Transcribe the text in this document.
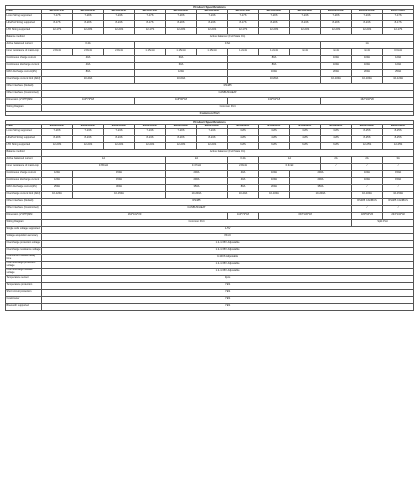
Product Specifications												
ITEM	BD4A17S4P	BD4A20S4P	BD4A24S4P	BD4A17S6P	BD4A20S6P	BD4A24S6P	BD4A17S8P	BD4A20S8P	BD4A24S8P	BD4A20S10P	BD4A24S10P	B1A17S12P
Li-ion String supported	7-17S	7-20S	7-24S	7-17S	7-20S	7-24S	7-17S	7-20S	7-24S	7-20S	7-24S	7-17S
LiFePo4 String supported	8-17S	8-20S	8-24S	8-17S	8-20S	8-24S	8-17S	8-20S	8-24S	8-20S	8-24S	8-17S
LTO String supported	12-17S	12-20S	12-24S	12-17S	12-20S	12-24S	12-17S	12-20S	12-24S	12-20S	12-24S	12-17S
Balance method	Active balancer (Full State On)											
Active balanced current	0.4A			0.6A						1A		
Inner resistance of mainLoop	2.8mΩ	2.8mΩ	2.8mΩ	1.15mΩ	1.15mΩ	1.15mΩ	1.2mΩ	1.2mΩ	1mΩ	1mΩ	1mΩ	0.6mΩ
Continuous charge current	40A			60A			80A			100A	100A	120A
Continuous discharge current	40A			60A			80A			100A	100A	120A
MAX discharge current(2S)	80A			120A			160A			200A	200A	250A
Overcharge current limit (ADJ)	10-40A			10-60A			10-80A			10-100A	10-100A	10-120A
Other interface (Default)	RS485											
Other interface (Customized)	CANBUS/HEAT											
Dimension (L*W*H)MM	110*73*18			116*90*18			132*91*18			162*102*20		
Wiring Diagram	Common Port											
Common Port												
Product Specifications												
ITEM	B1A20S15P	B1A24S15P	B1A24S10P	B1A24S15P	B2A20S20P	B2A24S20P	B2A8S20P	B1A8S10P	B1A8S20P	B2A8S20P	B2A25S20P	B3A25S20P
Li-ion String supported	7-20S	7-24S	7-24S	7-24S	7-20S	7-24S	3-8S	3-8S	3-8S	3-8S	8-25S	8-25S
LiFePo4 String supported	8-20S	8-24S	8-24S	8-24S	8-20S	8-24S	4-8S	4-8S	4-8S	4-8S	8-25S	8-25S
LTO String supported	12-20S	12-24S	12-24S	12-24S	12-20S	12-24S	6-8S	6-8S	6-8S	6-8S	12-25S	12-25S
Balance method	Active balancer (Full State On)											
Active balanced current	1A				2A		0.4A	1A		2A	2A	3A
Inner resistance of mainLoop	0.65mΩ				0.47mΩ		2.8mΩ	0.3mΩ		/	/	/
Continuous charge current	120A	150A			200A		40A	100A	200A		100A	150A
Continuous discharge current	120A	150A			200A		40A	100A	200A		100A	150A
MAX discharge current(2S)	250A	300A			350A		80A	200A	350A		/	/
Overcharge current limit (ADJ)	10-120A	10-150A			10-200A		10-40A	10-100A	10-200A		10-100A	10-150A
Other interface (Default)	RS485										RS485 CANBUS	RS485 CANBUS
Other interface (Customized)	CANBUS/HEAT										/	/
Dimension (L*W*H)MM	162*102*20						110*73*18	153*136*18			180*94*26	234*134*32
Wiring Diagram	Common Port										Split Port	
Single cells voltage supported	1-5V											
Voltage acquisition accuracy	±5mV											
Overcharge protection voltage	1.2-4.35V Adjustable											
Overcharge resistance voltage	1.2-4.35V Adjustable											
Overcurrent release delay time	0-100S Adjustable											
Over-discharge protection voltage	1.2-4.35V Adjustable											
Over-discharge release voltage	1.2-4.35V Adjustable											
Temperature sensor	3pcs											
Temperature protection	YES											
Short circuit protection	YES											
Coulometer	YES											
Bluetooth supported	YES											
